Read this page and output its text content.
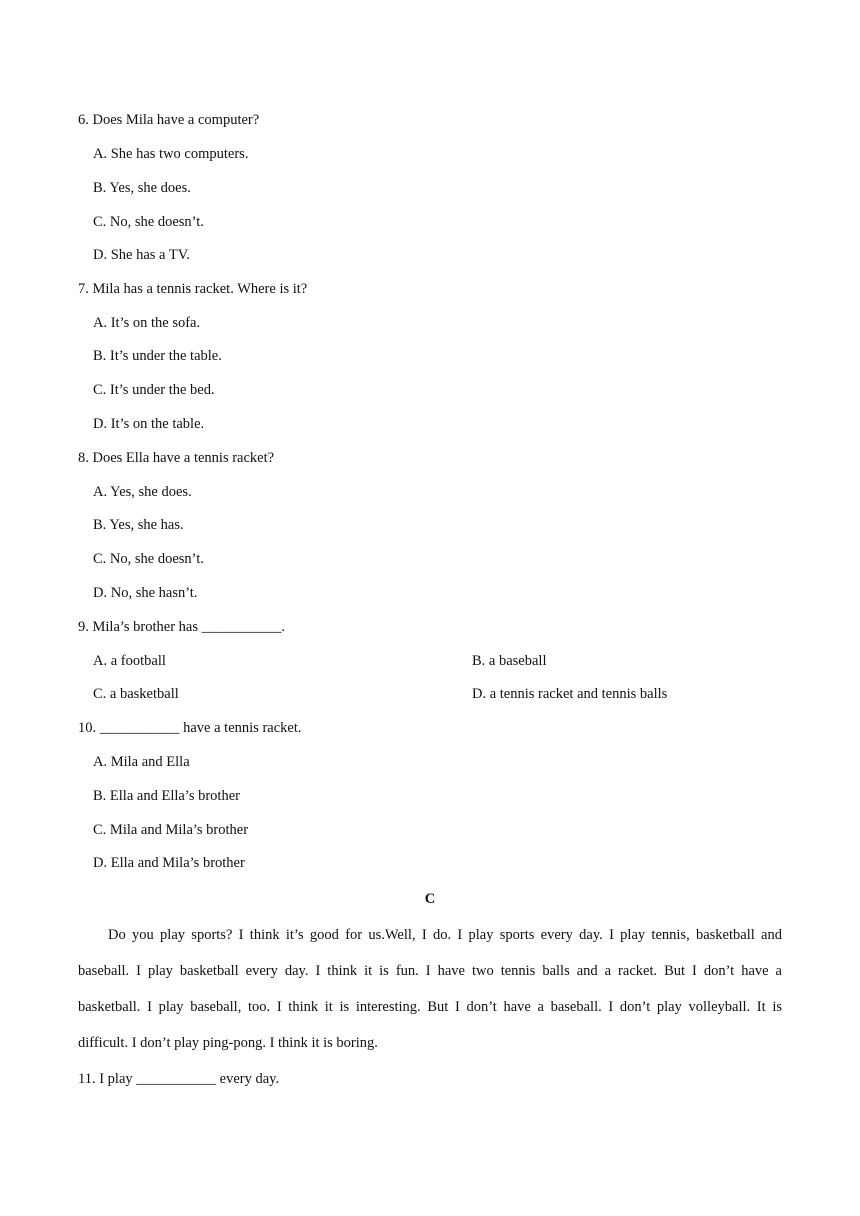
6. Does Mila have a computer?
A. She has two computers.
B. Yes, she does.
C. No, she doesn’t.
D. She has a TV.
7. Mila has a tennis racket. Where is it?
A. It’s on the sofa.
B. It’s under the table.
C. It’s under the bed.
D. It’s on the table.
8. Does Ella have a tennis racket?
A. Yes, she does.
B. Yes, she has.
C. No, she doesn’t.
D. No, she hasn’t.
9. Mila’s brother has ___________.
A. a football	B. a baseball
C. a basketball	D. a tennis racket and tennis balls
10. ___________ have a tennis racket.
A. Mila and Ella
B. Ella and Ella’s brother
C. Mila and Mila’s brother
D. Ella and Mila’s brother
C
Do you play sports? I think it’s good for us.Well, I do. I play sports every day. I play tennis, basketball and
baseball. I play basketball every day. I think it is fun. I have two tennis balls and a racket. But I don’t have a
basketball. I play baseball, too. I think it is interesting. But I don’t have a baseball. I don’t play volleyball. It is
difficult. I don’t play ping-pong. I think it is boring.
11. I play ___________ every day.
